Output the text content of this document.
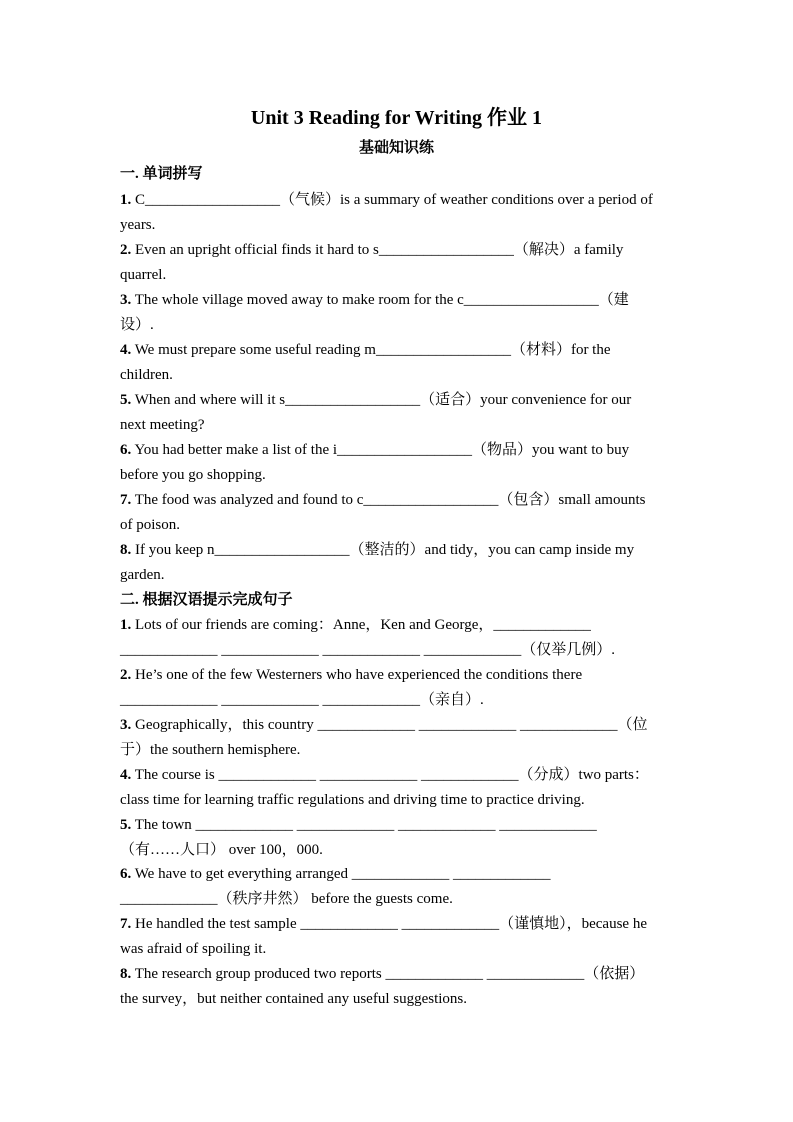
Unit 3 Reading for Writing 作业 1
基础知识练
一. 单词拼写
1. C__________________（气候）is a summary of weather conditions over a period of
years.
2. Even an upright official finds it hard to s__________________（解决）a family
quarrel.
3. The whole village moved away to make room for the c__________________（建
设）.
4. We must prepare some useful reading m__________________（材料）for the
children.
5. When and where will it s__________________（适合）your convenience for our
next meeting?
6. You had better make a list of the i__________________（物品）you want to buy
before you go shopping.
7. The food was analyzed and found to c__________________（包含）small amounts
of poison.
8. If you keep n__________________（整洁的）and tidy，you can camp inside my
garden.
二. 根据汉语提示完成句子
1. Lots of our friends are coming：Anne，Ken and George，_____________
_____________ _____________ _____________ _____________（仅举几例）.
2. He’s one of the few Westerners who have experienced the conditions there
_____________ _____________ _____________（亲自）.
3. Geographically，this country _____________ _____________ _____________（位
于）the southern hemisphere.
4. The course is _____________ _____________ _____________（分成）two parts：
class time for learning traffic regulations and driving time to practice driving.
5. The town _____________ _____________ _____________ _____________
（有……人口） over 100，000.
6. We have to get everything arranged _____________ _____________
_____________（秩序井然） before the guests come.
7. He handled the test sample _____________ _____________（谨慎地），because he
was afraid of spoiling it.
8. The research group produced two reports _____________ _____________（依据）
the survey，but neither contained any useful suggestions.
